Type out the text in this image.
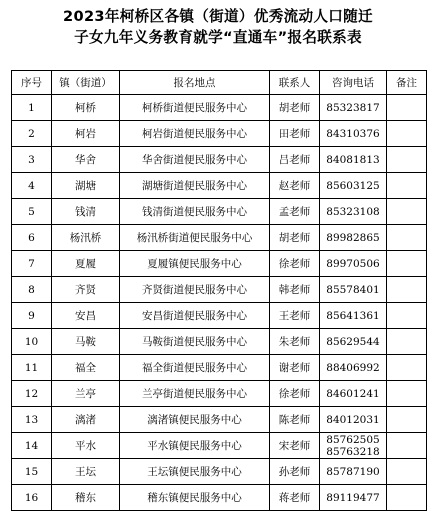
2023年柯桥区各镇（街道）优秀流动人口随迁
子女九年义务教育就学“直通车”报名联系表
序号	镇（街道）	报名地点	联系人	咨询电话	备注
1	柯桥	柯桥街道便民服务中心	胡老师	85323817	

2	柯岩	柯岩街道便民服务中心	田老师	84310376	

3	华舍	华舍街道便民服务中心	吕老师	84081813	

4	湖塘	湖塘街道便民服务中心	赵老师	85603125	

5	钱清	钱清街道便民服务中心	孟老师	85323108	

6	杨汛桥	杨汛桥街道便民服务中心	胡老师	89982865	

7	夏履	夏履镇便民服务中心	徐老师	89970506	

8	齐贤	齐贤街道便民服务中心	韩老师	85578401	

9	安昌	安昌街道便民服务中心	王老师	85641361	

10	马鞍	马鞍街道便民服务中心	朱老师	85629544	

11	福全	福全街道便民服务中心	谢老师	88406992	

12	兰亭	兰亭街道便民服务中心	徐老师	84601241	

13	漓渚	漓渚镇便民服务中心	陈老师	84012031	

14	平水	平水镇便民服务中心	宋老师	85762505
85763218	

15	王坛	王坛镇便民服务中心	孙老师	85787190	

16	稽东	稽东镇便民服务中心	蒋老师	89119477	
